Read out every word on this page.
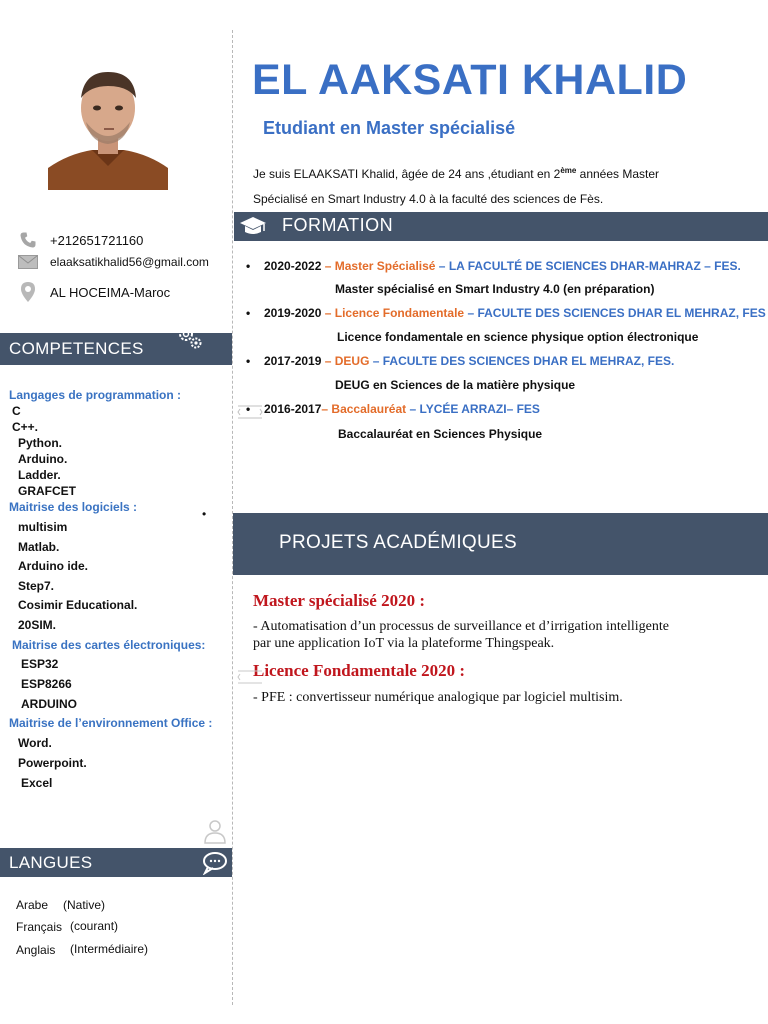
+212651721160
elaaksatikhalid56@gmail.com
AL HOCEIMA-Maroc
COMPETENCES
Langages de programmation :
C
C++.
Python.
Arduino.
Ladder.
GRAFCET
Maitrise des logiciels :	•
multisim
Matlab.
Arduino ide.
Step7.
Cosimir Educational.
20SIM.
Maitrise des cartes électroniques:
ESP32
ESP8266
ARDUINO
Maitrise de l’environnement Office :
Word.
Powerpoint.
Excel
LANGUES
Arabe (Native)
Français (courant)
Anglais (Intermédiaire)
EL AAKSATI KHALID
Etudiant en Master spécialisé
Je suis ELAAKSATI Khalid, âgée de 24 ans ,étudiant en 2ème années Master
Spécialisé en Smart Industry 4.0 à la faculté des sciences de Fès.
FORMATION
• 2020-2022 – Master Spécialisé – LA FACULTÉ DE SCIENCES DHAR-MAHRAZ – FES.
Master spécialisé en Smart Industry 4.0 (en préparation)
• 2019-2020 – Licence Fondamentale – FACULTE DES SCIENCES DHAR EL MEHRAZ, FES
Licence fondamentale en science physique option électronique
• 2017-2019 – DEUG – FACULTE DES SCIENCES DHAR EL MEHRAZ, FES.
DEUG en Sciences de la matière physique
• 2016-2017– Baccalauréat – LYCÉE ARRAZI– FES
Baccalauréat en Sciences Physique
PROJETS ACADÉMIQUES
Master spécialisé 2020 :
- Automatisation d’un processus de surveillance et d’irrigation intelligente
par une application IoT via la plateforme Thingspeak.
Licence Fondamentale 2020 :
- PFE : convertisseur numérique analogique par logiciel multisim.
